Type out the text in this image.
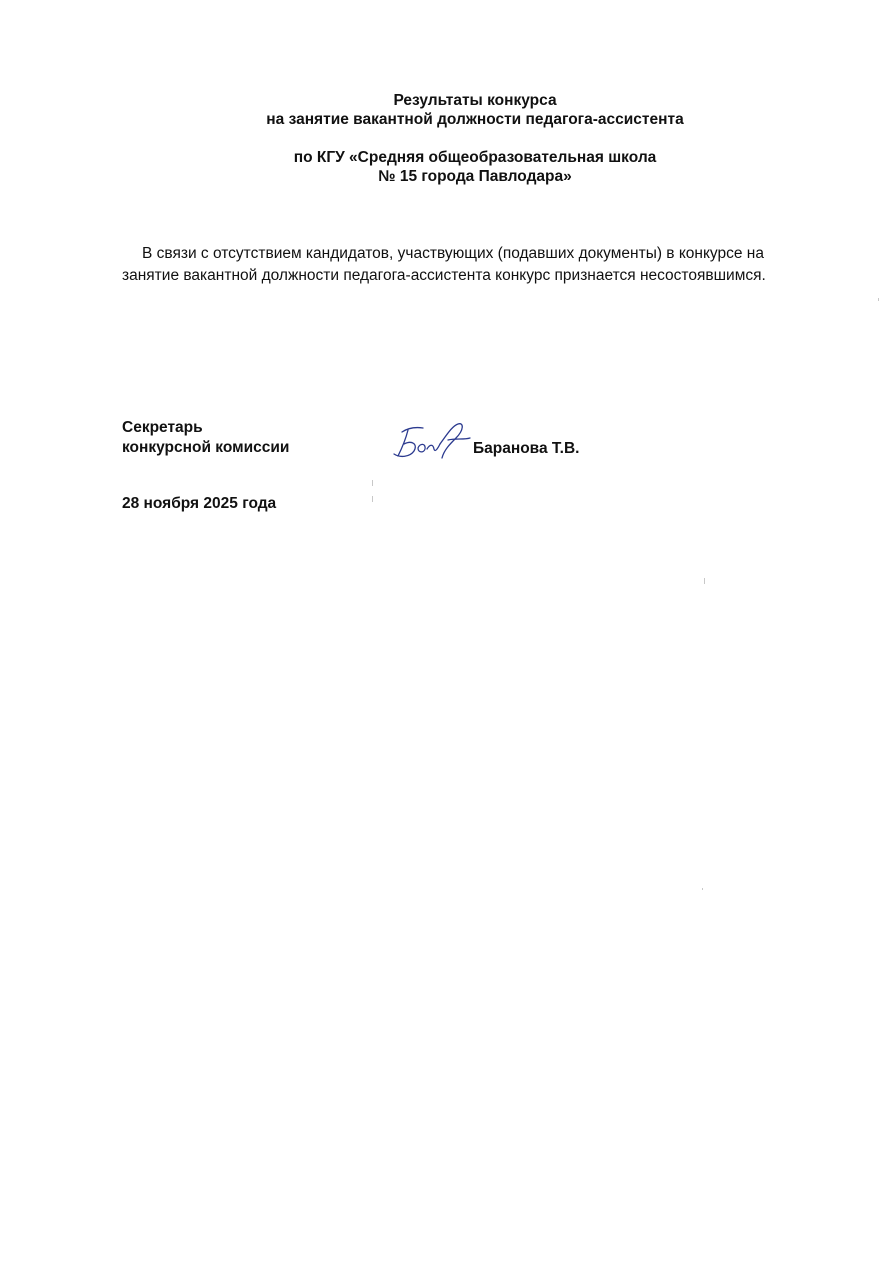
Результаты конкурса
на занятие вакантной должности педагога-ассистента
по КГУ «Средняя общеобразовательная школа
№ 15 города Павлодара»

В связи с отсутствием кандидатов, участвующих (подавших документы) в конкурсе на
занятие вакантной должности педагога-ассистента конкурс признается несостоявшимся.

Секретарь
конкурсной комиссии	Баранова Т.В.
28 ноября 2025 года
